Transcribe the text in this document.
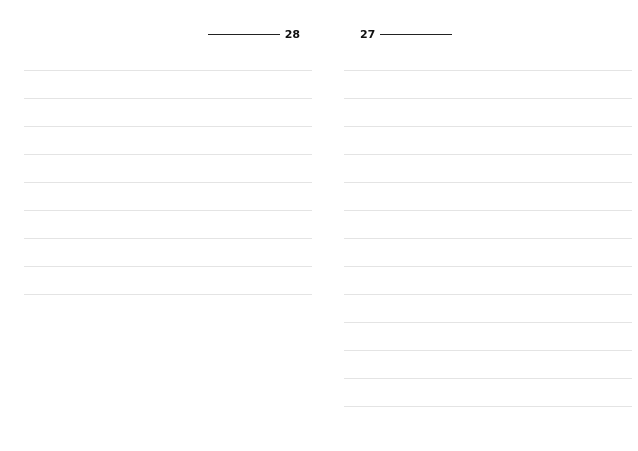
28	27
